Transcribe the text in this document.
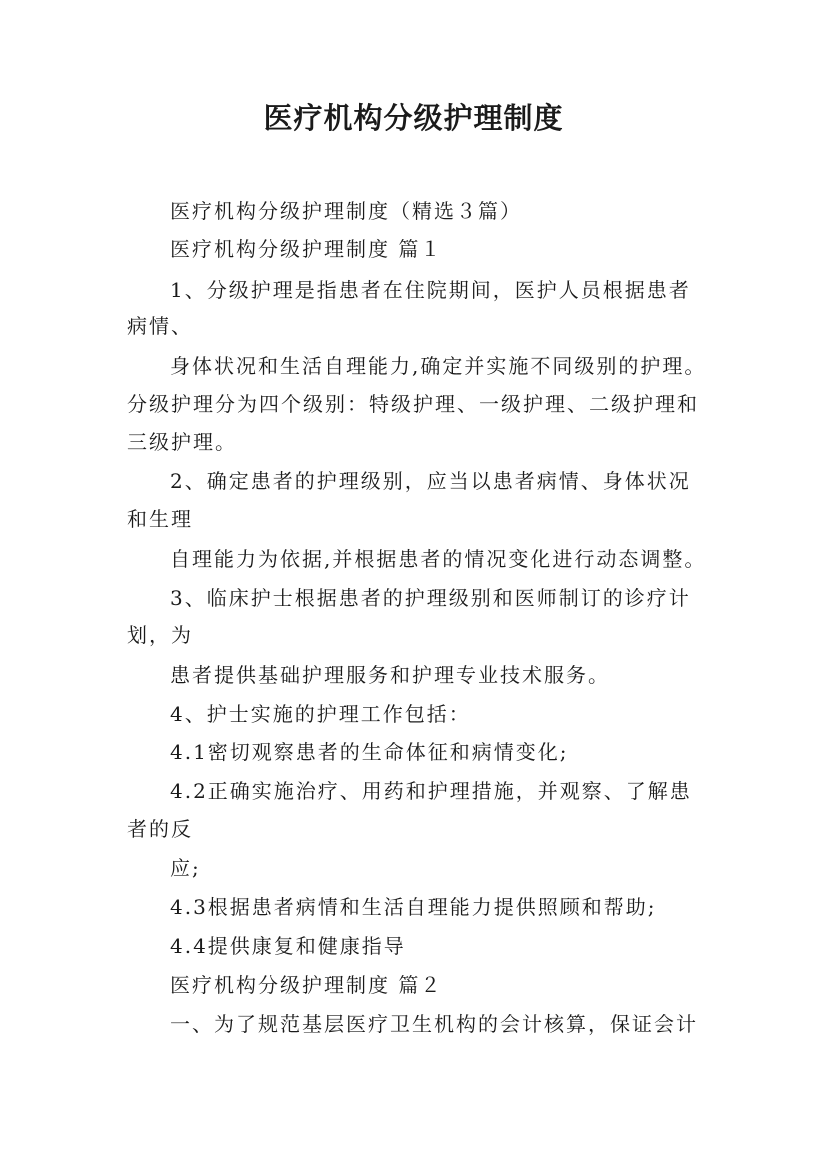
医疗机构分级护理制度

医疗机构分级护理制度（精选３篇）

医疗机构分级护理制度 篇１

1、分级护理是指患者在住院期间，医护人员根据患者

病情、

身体状况和生活自理能力,确定并实施不同级别的护理。

分级护理分为四个级别：特级护理、一级护理、二级护理和

三级护理。

2、确定患者的护理级别，应当以患者病情、身体状况

和生理

自理能力为依据,并根据患者的情况变化进行动态调整。

3、临床护士根据患者的护理级别和医师制订的诊疗计

划，为

患者提供基础护理服务和护理专业技术服务。

4、护士实施的护理工作包括：

4.1密切观察患者的生命体征和病情变化;

4.2正确实施治疗、用药和护理措施，并观察、了解患

者的反

应;

4.3根据患者病情和生活自理能力提供照顾和帮助;

4.4提供康复和健康指导

医疗机构分级护理制度 篇２

一、为了规范基层医疗卫生机构的会计核算，保证会计
